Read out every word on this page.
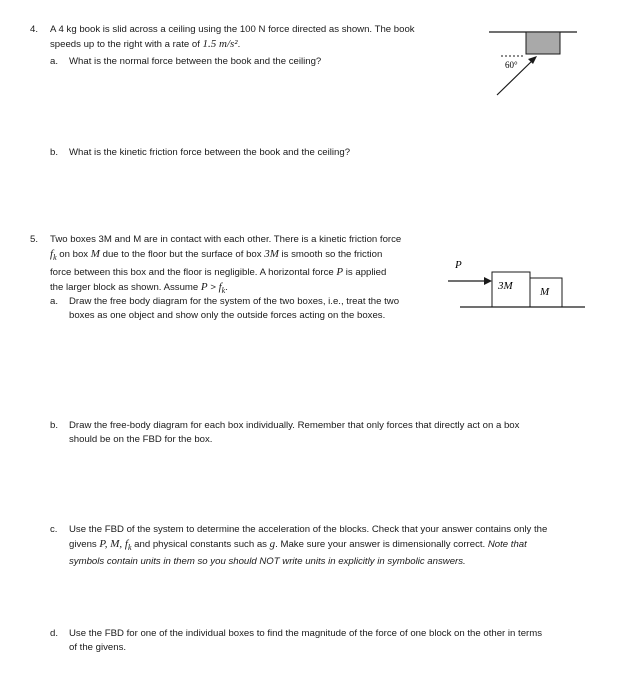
4. A 4 kg book is slid across a ceiling using the 100 N force directed as shown. The book
speeds up to the right with a rate of 1.5 m/s².
a. What is the normal force between the book and the ceiling?	60°
b. What is the kinetic friction force between the book and the ceiling?
5. Two boxes 3M and M are in contact with each other. There is a kinetic friction force
$f_k$ on box M due to the floor but the surface of box 3M is smooth so the friction
force between this box and the floor is negligible. A horizontal force P is applied
the larger block as shown. Assume $P > f_k$.
P
3M M
a. Draw the free body diagram for the system of the two boxes, i.e., treat the two
boxes as one object and show only the outside forces acting on the boxes.
b. Draw the free-body diagram for each box individually. Remember that only forces that directly act on a box
should be on the FBD for the box.
c. Use the FBD of the system to determine the acceleration of the blocks. Check that your answer contains only the
givens P, M, $f_k$ and physical constants such as g. Make sure your answer is dimensionally correct. Note that
symbols contain units in them so you should NOT write units in explicitly in symbolic answers.
d. Use the FBD for one of the individual boxes to find the magnitude of the force of one block on the other in terms
of the givens.
